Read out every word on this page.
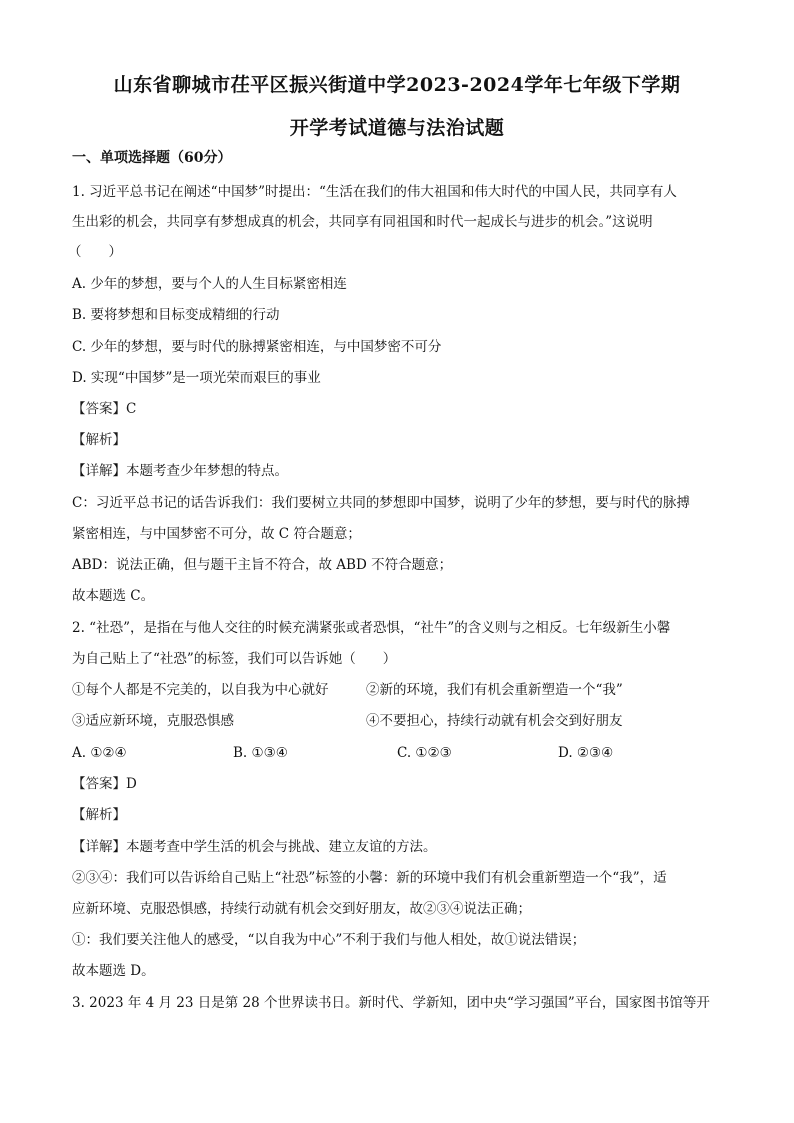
山东省聊城市茌平区振兴街道中学2023-2024学年七年级下学期
开学考试道德与法治试题
一、单项选择题（60分）
1. 习近平总书记在阐述“中国梦”时提出：“生活在我们的伟大祖国和伟大时代的中国人民，共同享有人
生出彩的机会，共同享有梦想成真的机会，共同享有同祖国和时代一起成长与进步的机会。”这说明
（　　）
A. 少年的梦想，要与个人的人生目标紧密相连
B. 要将梦想和目标变成精细的行动
C. 少年的梦想，要与时代的脉搏紧密相连，与中国梦密不可分
D. 实现“中国梦”是一项光荣而艰巨的事业
【答案】C
【解析】
【详解】本题考查少年梦想的特点。
C：习近平总书记的话告诉我们：我们要树立共同的梦想即中国梦，说明了少年的梦想，要与时代的脉搏
紧密相连，与中国梦密不可分，故 C 符合题意；
ABD：说法正确，但与题干主旨不符合，故 ABD 不符合题意；
故本题选 C。
2. “社恐”，是指在与他人交往的时候充满紧张或者恐惧，“社牛”的含义则与之相反。七年级新生小馨
为自己贴上了“社恐”的标签，我们可以告诉她（　　）
①每个人都是不完美的，以自我为中心就好	②新的环境，我们有机会重新塑造一个“我”
③适应新环境，克服恐惧感	④不要担心，持续行动就有机会交到好朋友
A. ①②④	B. ①③④	C. ①②③	D. ②③④
【答案】D
【解析】
【详解】本题考查中学生活的机会与挑战、建立友谊的方法。
②③④：我们可以告诉给自己贴上“社恐”标签的小馨：新的环境中我们有机会重新塑造一个“我”，适
应新环境、克服恐惧感，持续行动就有机会交到好朋友，故②③④说法正确；
①：我们要关注他人的感受，“以自我为中心”不利于我们与他人相处，故①说法错误；
故本题选 D。
3. 2023 年 4 月 23 日是第 28 个世界读书日。新时代、学新知，团中央“学习强国”平台，国家图书馆等开
